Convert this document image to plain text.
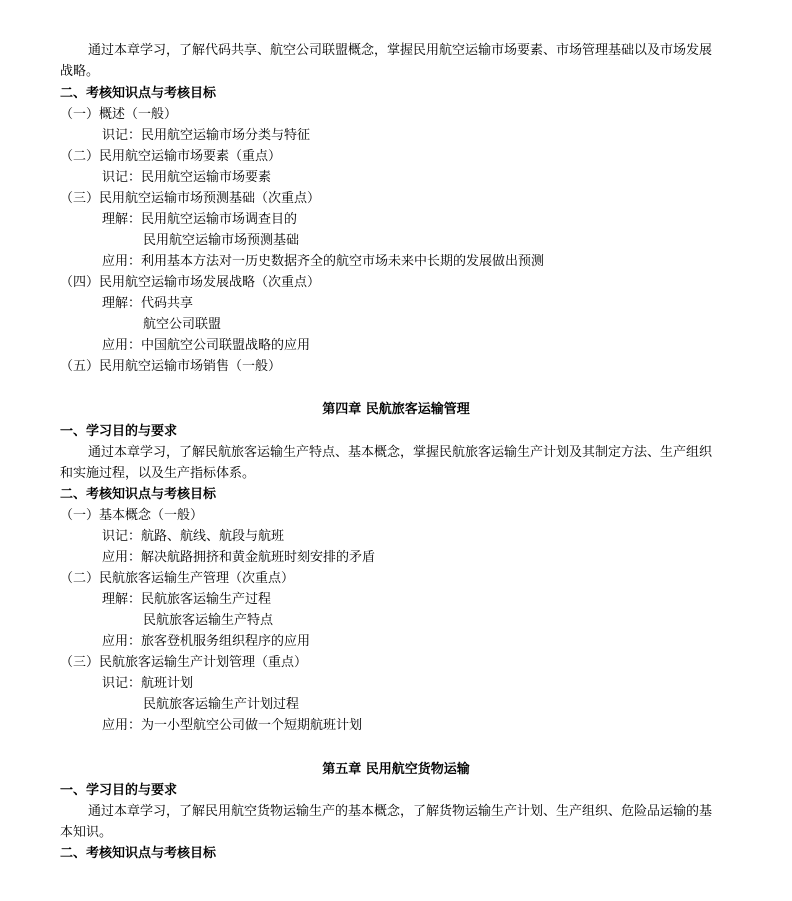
通过本章学习，了解代码共享、航空公司联盟概念，掌握民用航空运输市场要素、市场管理基础以及市场发展
战略。
二、考核知识点与考核目标
（一）概述（一般）
识记：民用航空运输市场分类与特征
（二）民用航空运输市场要素（重点）
识记：民用航空运输市场要素
（三）民用航空运输市场预测基础（次重点）
理解：民用航空运输市场调查目的
民用航空运输市场预测基础
应用：利用基本方法对一历史数据齐全的航空市场未来中长期的发展做出预测
（四）民用航空运输市场发展战略（次重点）
理解：代码共享
航空公司联盟
应用：中国航空公司联盟战略的应用
（五）民用航空运输市场销售（一般）
第四章 民航旅客运输管理
一、学习目的与要求
通过本章学习，了解民航旅客运输生产特点、基本概念，掌握民航旅客运输生产计划及其制定方法、生产组织
和实施过程，以及生产指标体系。
二、考核知识点与考核目标
（一）基本概念（一般）
识记：航路、航线、航段与航班
应用：解决航路拥挤和黄金航班时刻安排的矛盾
（二）民航旅客运输生产管理（次重点）
理解：民航旅客运输生产过程
民航旅客运输生产特点
应用：旅客登机服务组织程序的应用
（三）民航旅客运输生产计划管理（重点）
识记：航班计划
民航旅客运输生产计划过程
应用：为一小型航空公司做一个短期航班计划
第五章 民用航空货物运输
一、学习目的与要求
通过本章学习，了解民用航空货物运输生产的基本概念，了解货物运输生产计划、生产组织、危险品运输的基
本知识。
二、考核知识点与考核目标
